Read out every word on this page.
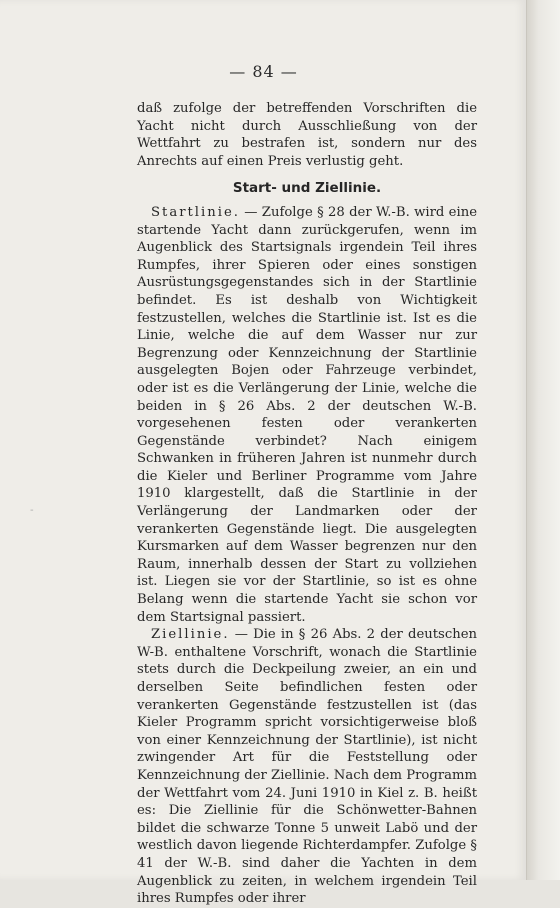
— 84 —

daß zufolge der betreffenden Vorschriften die Yacht nicht durch Ausschließung von der Wettfahrt zu bestrafen ist, sondern nur des Anrechts auf einen Preis verlustig geht.

Start- und Ziellinie.

Startlinie. — Zufolge § 28 der W.-B. wird eine startende Yacht dann zurückgerufen, wenn im Augenblick des Startsignals irgendein Teil ihres Rumpfes, ihrer Spieren oder eines sonstigen Ausrüstungsgegenstandes sich in der Startlinie befindet. Es ist deshalb von Wichtigkeit festzustellen, welches die Startlinie ist. Ist es die Linie, welche die auf dem Wasser nur zur Begrenzung oder Kennzeichnung der Startlinie ausgelegten Bojen oder Fahrzeuge verbindet, oder ist es die Verlängerung der Linie, welche die beiden in § 26 Abs. 2 der deutschen W.-B. vorgesehenen festen oder verankerten Gegenstände verbindet? Nach einigem Schwanken in früheren Jahren ist nunmehr durch die Kieler und Berliner Programme vom Jahre 1910 klargestellt, daß die Startlinie in der Verlängerung der Landmarken oder der verankerten Gegenstände liegt. Die ausgelegten Kursmarken auf dem Wasser begrenzen nur den Raum, innerhalb dessen der Start zu vollziehen ist. Liegen sie vor der Startlinie, so ist es ohne Belang wenn die startende Yacht sie schon vor dem Startsignal passiert.

Ziellinie. — Die in § 26 Abs. 2 der deutschen W-B. enthaltene Vorschrift, wonach die Startlinie stets durch die Deckpeilung zweier, an ein und derselben Seite befindlichen festen oder verankerten Gegenstände festzustellen ist (das Kieler Programm spricht vorsichtigerweise bloß von einer Kennzeichnung der Startlinie), ist nicht zwingender Art für die Feststellung oder Kennzeichnung der Ziellinie. Nach dem Programm der Wettfahrt vom 24. Juni 1910 in Kiel z. B. heißt es: Die Ziellinie für die Schönwetter-Bahnen bildet die schwarze Tonne 5 unweit Labö und der westlich davon liegende Richterdampfer. Zufolge § 41 der W.-B. sind daher die Yachten in dem Augenblick zu zeiten, in welchem irgendein Teil ihres Rumpfes oder ihrer

-
